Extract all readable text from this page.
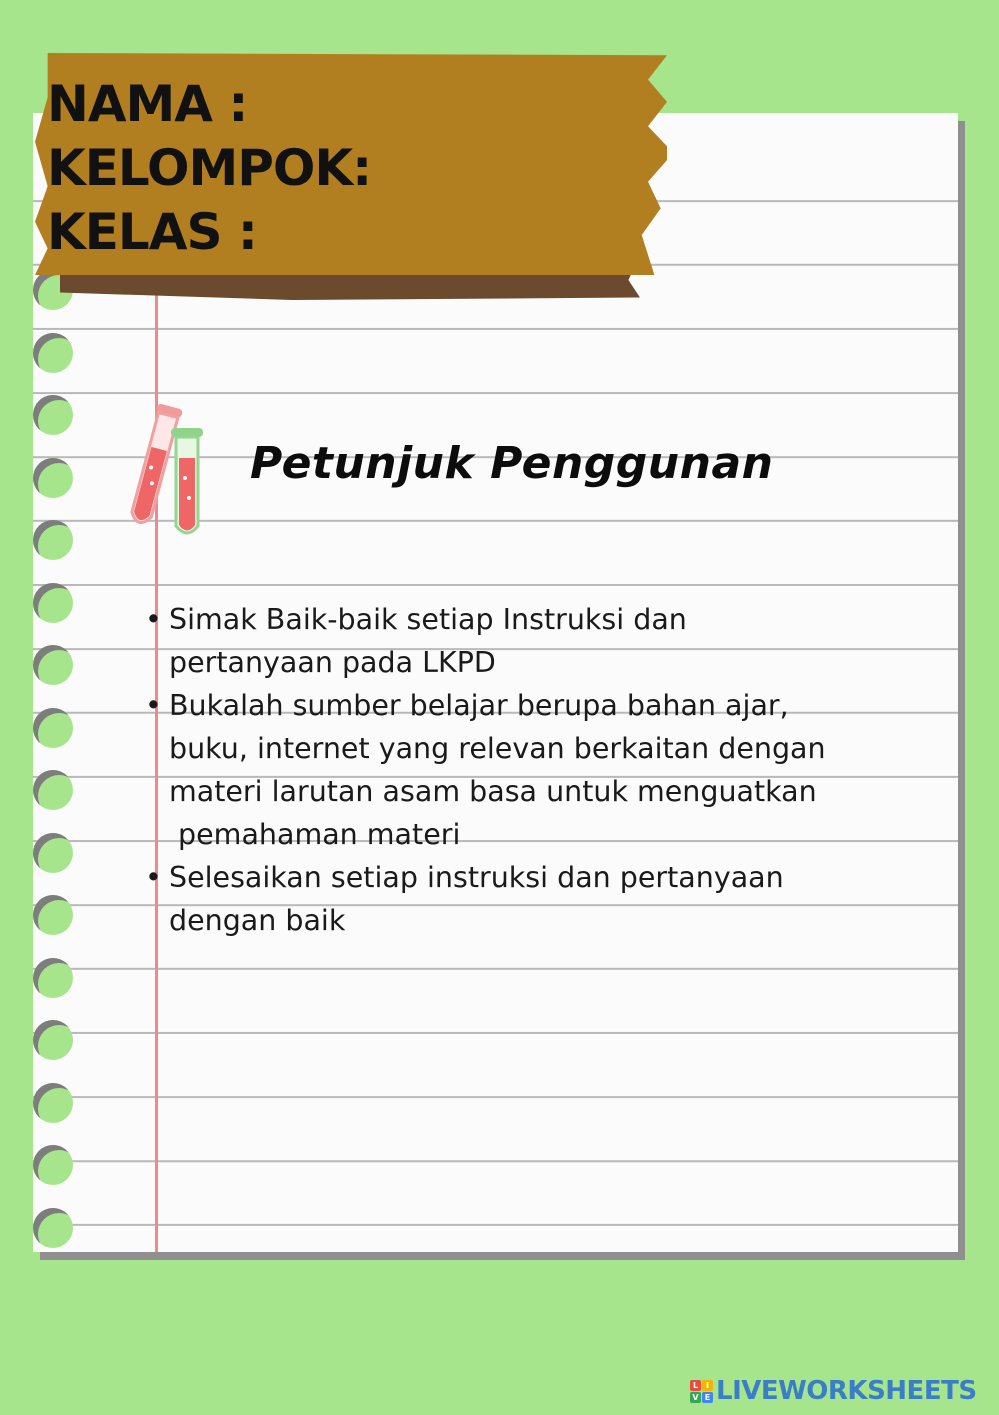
NAMA :
KELOMPOK:
KELAS :
Petunjuk Penggunan
• Simak Baik-baik setiap Instruksi dan
pertanyaan pada LKPD
• Bukalah sumber belajar berupa bahan ajar,
buku, internet yang relevan berkaitan dengan
materi larutan asam basa untuk menguatkan
pemahaman materi
• Selesaikan setiap instruksi dan pertanyaan
dengan baik
L I
V E LIVEWORKSHEETS
